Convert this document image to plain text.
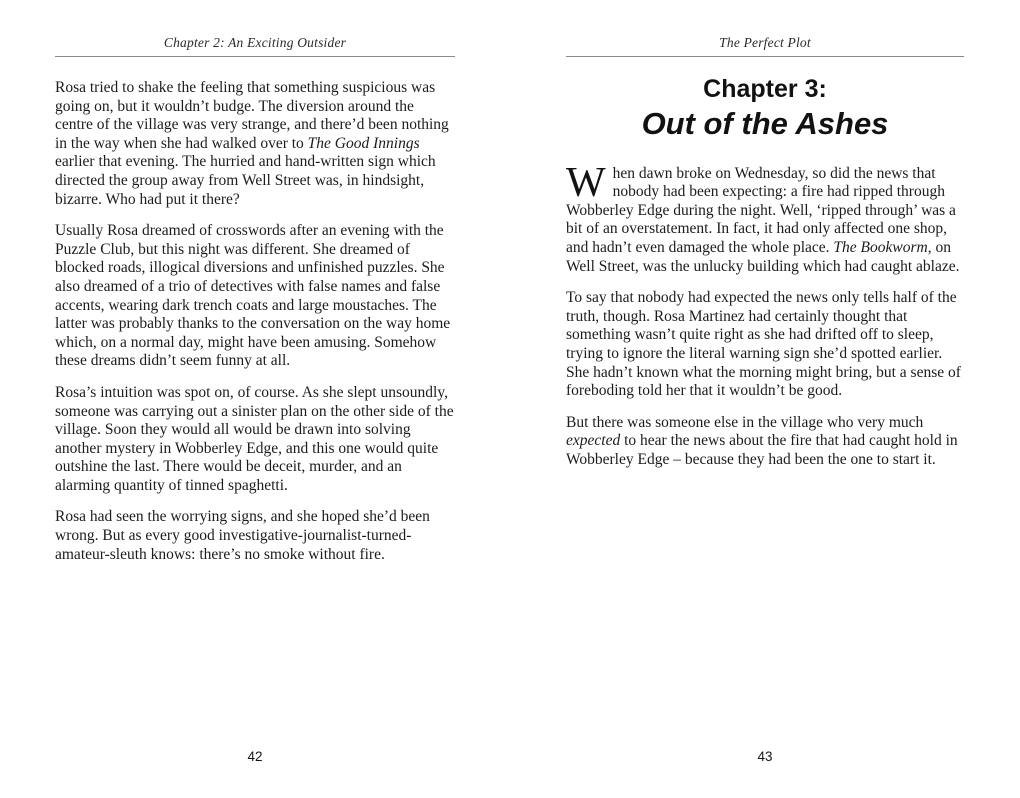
Chapter 2: An Exciting Outsider

Rosa tried to shake the feeling that something suspicious was going on, but it wouldn’t budge. The diversion around the centre of the village was very strange, and there’d been nothing in the way when she had walked over to The Good Innings earlier that evening. The hurried and hand-written sign which directed the group away from Well Street was, in hindsight, bizarre. Who had put it there?

Usually Rosa dreamed of crosswords after an evening with the Puzzle Club, but this night was different. She dreamed of blocked roads, illogical diversions and unfinished puzzles. She also dreamed of a trio of detectives with false names and false accents, wearing dark trench coats and large moustaches. The latter was probably thanks to the conversation on the way home which, on a normal day, might have been amusing. Somehow these dreams didn’t seem funny at all.

Rosa’s intuition was spot on, of course. As she slept unsoundly, someone was carrying out a sinister plan on the other side of the village. Soon they would all would be drawn into solving another mystery in Wobberley Edge, and this one would quite outshine the last. There would be deceit, murder, and an alarming quantity of tinned spaghetti.

Rosa had seen the worrying signs, and she hoped she’d been wrong. But as every good investigative-journalist-turned-amateur-sleuth knows: there’s no smoke without fire.

42
The Perfect Plot
Chapter 3:
Out of the Ashes

When dawn broke on Wednesday, so did the news that nobody had been expecting: a fire had ripped through Wobberley Edge during the night. Well, ‘ripped through’ was a bit of an overstatement. In fact, it had only affected one shop, and hadn’t even damaged the whole place. The Bookworm, on Well Street, was the unlucky building which had caught ablaze.

To say that nobody had expected the news only tells half of the truth, though. Rosa Martinez had certainly thought that something wasn’t quite right as she had drifted off to sleep, trying to ignore the literal warning sign she’d spotted earlier. She hadn’t known what the morning might bring, but a sense of foreboding told her that it wouldn’t be good.

But there was someone else in the village who very much expected to hear the news about the fire that had caught hold in Wobberley Edge – because they had been the one to start it.

43
